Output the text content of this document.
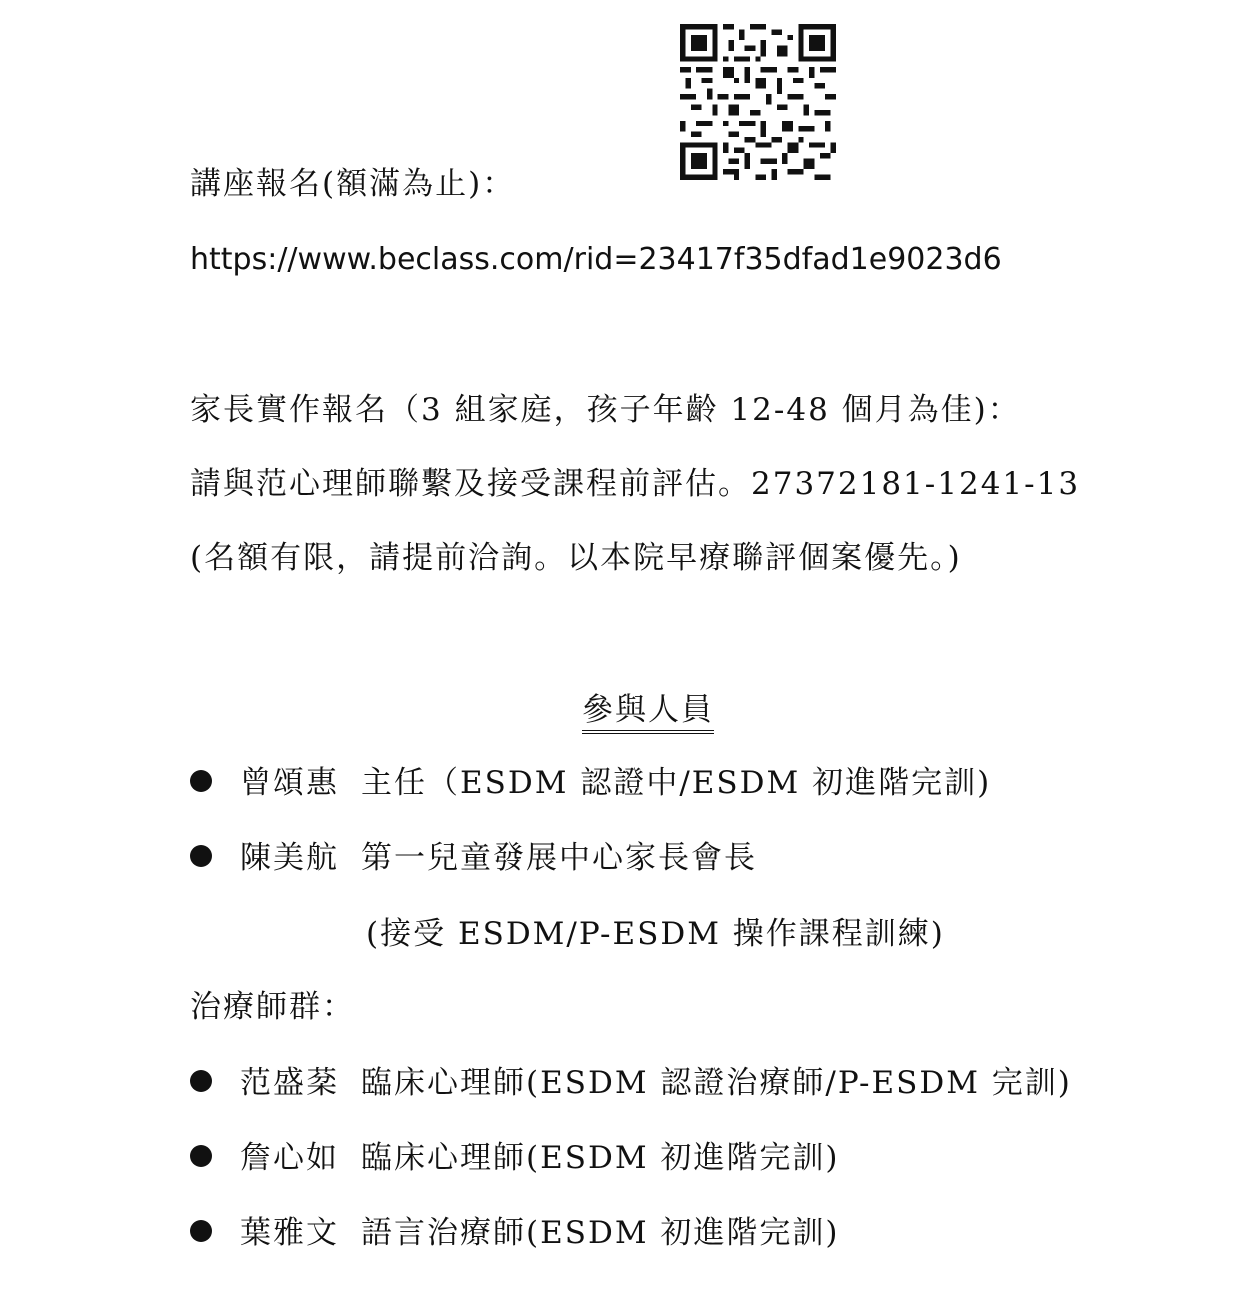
講座報名(額滿為止)：
https://www.beclass.com/rid=23417f35dfad1e9023d6
家長實作報名（3 組家庭，孩子年齡 12-48 個月為佳)：
請與范心理師聯繫及接受課程前評估。27372181-1241-13
(名額有限，請提前洽詢。以本院早療聯評個案優先。)
參與人員
曾頌惠 主任（ESDM 認證中/ESDM 初進階完訓)
陳美航 第一兒童發展中心家長會長
(接受 ESDM/P-ESDM 操作課程訓練)
治療師群：
范盛棻 臨床心理師(ESDM 認證治療師/P-ESDM 完訓)
詹心如 臨床心理師(ESDM 初進階完訓)
葉雅文 語言治療師(ESDM 初進階完訓)
